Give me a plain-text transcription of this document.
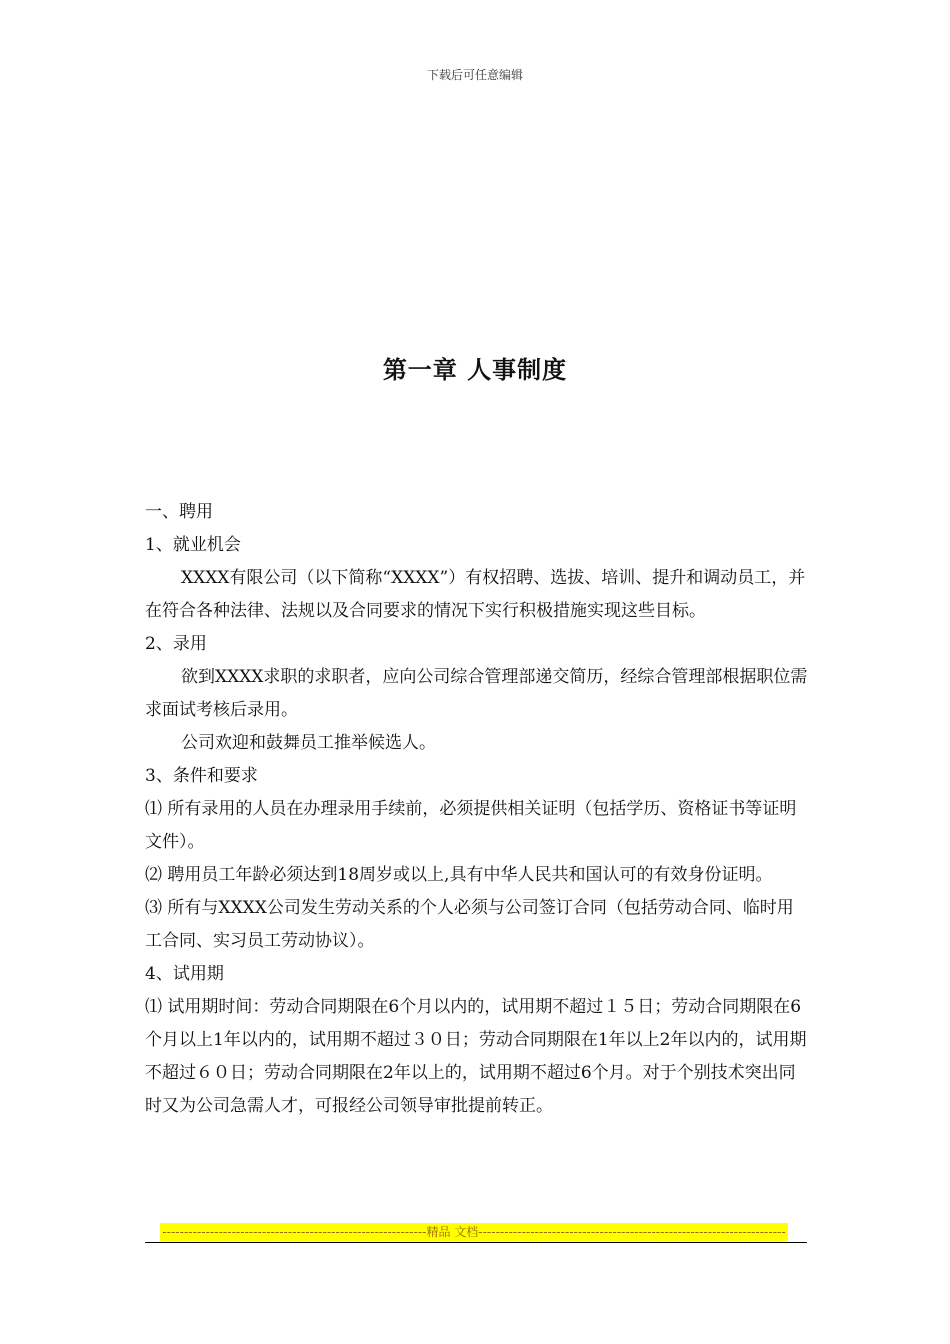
下载后可任意编辑
第一章 人事制度

一、聘用

1、就业机会

XXXX有限公司（以下简称“XXXX”）有权招聘、选拔、培训、提升和调动员工，并在符合各种法律、法规以及合同要求的情况下实行积极措施实现这些目标。

2、录用

欲到XXXX求职的求职者，应向公司综合管理部递交简历，经综合管理部根据职位需求面试考核后录用。

公司欢迎和鼓舞员工推举候选人。

3、条件和要求

⑴ 所有录用的人员在办理录用手续前，必须提供相关证明（包括学历、资格证书等证明文件）。

⑵ 聘用员工年龄必须达到18周岁或以上,具有中华人民共和国认可的有效身份证明。

⑶ 所有与XXXX公司发生劳动关系的个人必须与公司签订合同（包括劳动合同、临时用工合同、实习员工劳动协议）。

4、试用期

⑴ 试用期时间：劳动合同期限在6个月以内的，试用期不超过１５日；劳动合同期限在6个月以上1年以内的，试用期不超过３０日；劳动合同期限在1年以上2年以内的，试用期不超过６０日；劳动合同期限在2年以上的，试用期不超过6个月。对于个别技术突出同时又为公司急需人才，可报经公司领导审批提前转正。

-------------------------------------------------------------精品 文档-----------------------------------------------------------------------
